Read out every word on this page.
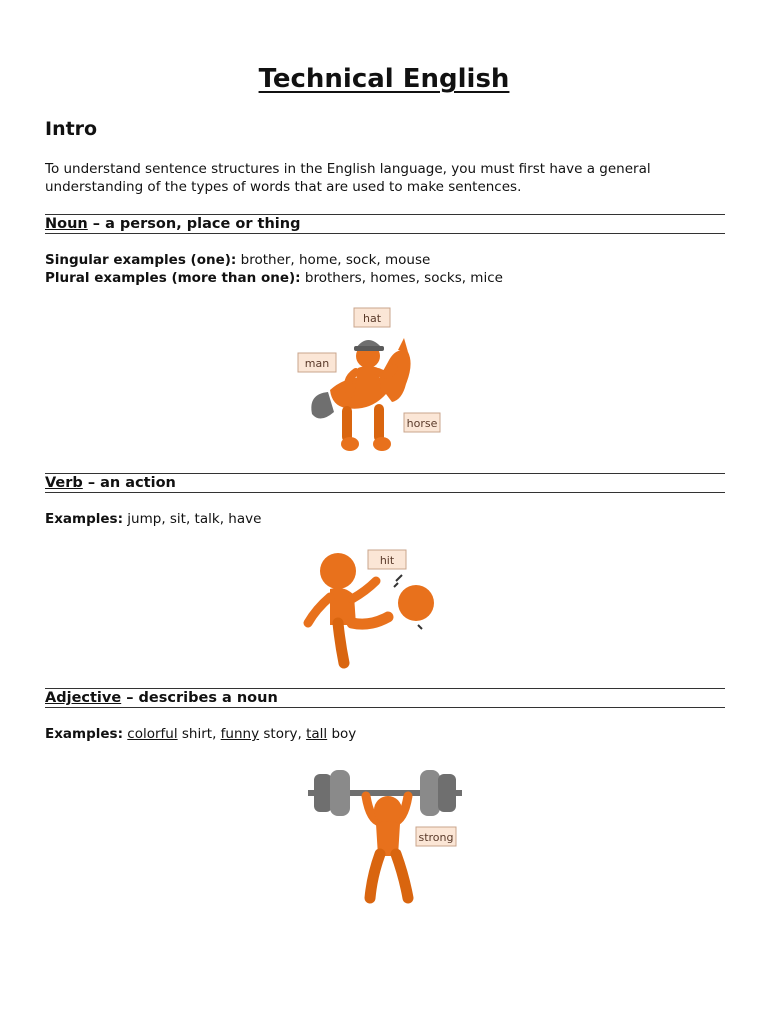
Technical English
Intro

To understand sentence structures in the English language, you must first have a general understanding of the types of words that are used to make sentences.

Noun – a person, place or thing

Singular examples (one): brother, home, sock, mouse

Plural examples (more than one): brothers, homes, socks, mice

hat
man
horse
Verb – an action

Examples: jump, sit, talk, have

hit
Adjective – describes a noun

Examples: colorful shirt, funny story, tall boy

strong
